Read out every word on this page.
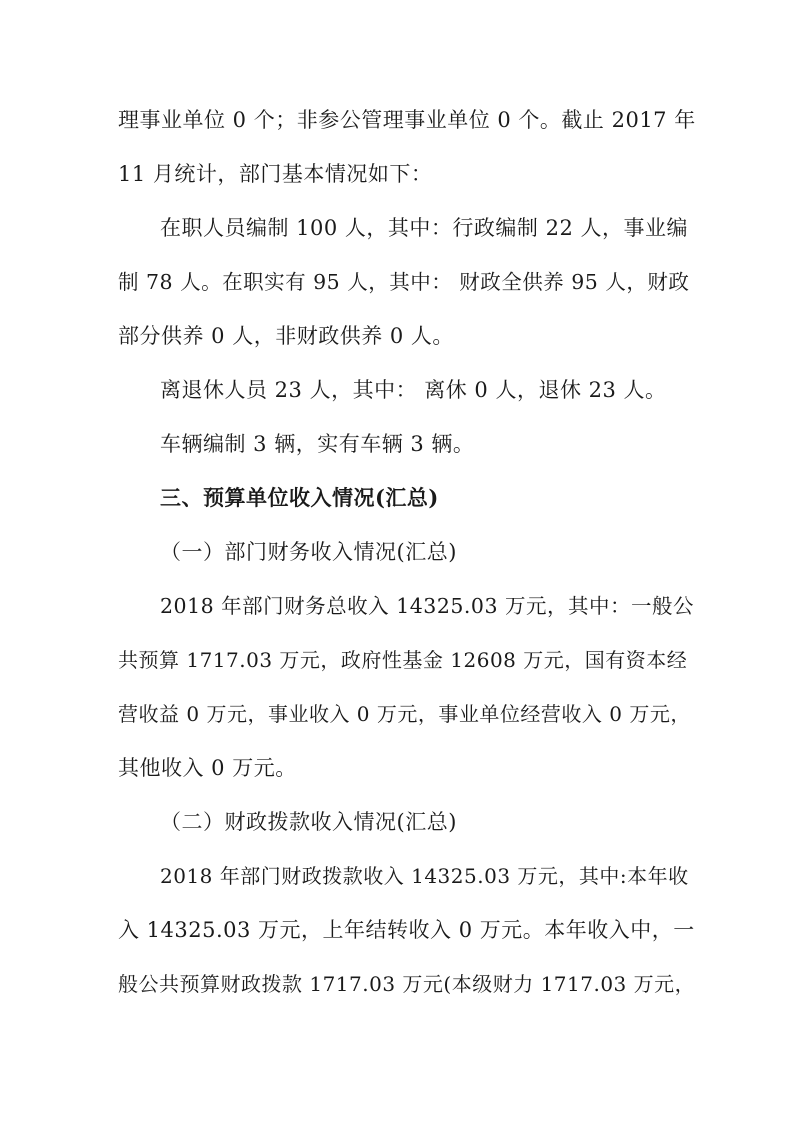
理事业单位 0 个；非参公管理事业单位 0 个。截止 2017 年
11 月统计，部门基本情况如下：
在职人员编制 100 人，其中：行政编制 22 人，事业编
制 78 人。在职实有 95 人，其中： 财政全供养 95 人，财政
部分供养 0 人，非财政供养 0 人。
离退休人员 23 人，其中： 离休 0 人，退休 23 人。
车辆编制 3 辆，实有车辆 3 辆。
三、预算单位收入情况(汇总)
（一）部门财务收入情况(汇总)
2018 年部门财务总收入 14325.03 万元，其中：一般公
共预算 1717.03 万元，政府性基金 12608 万元，国有资本经
营收益 0 万元，事业收入 0 万元，事业单位经营收入 0 万元，
其他收入 0 万元。
（二）财政拨款收入情况(汇总)
2018 年部门财政拨款收入 14325.03 万元，其中:本年收
入 14325.03 万元，上年结转收入 0 万元。本年收入中，一
般公共预算财政拨款 1717.03 万元(本级财力 1717.03 万元，
